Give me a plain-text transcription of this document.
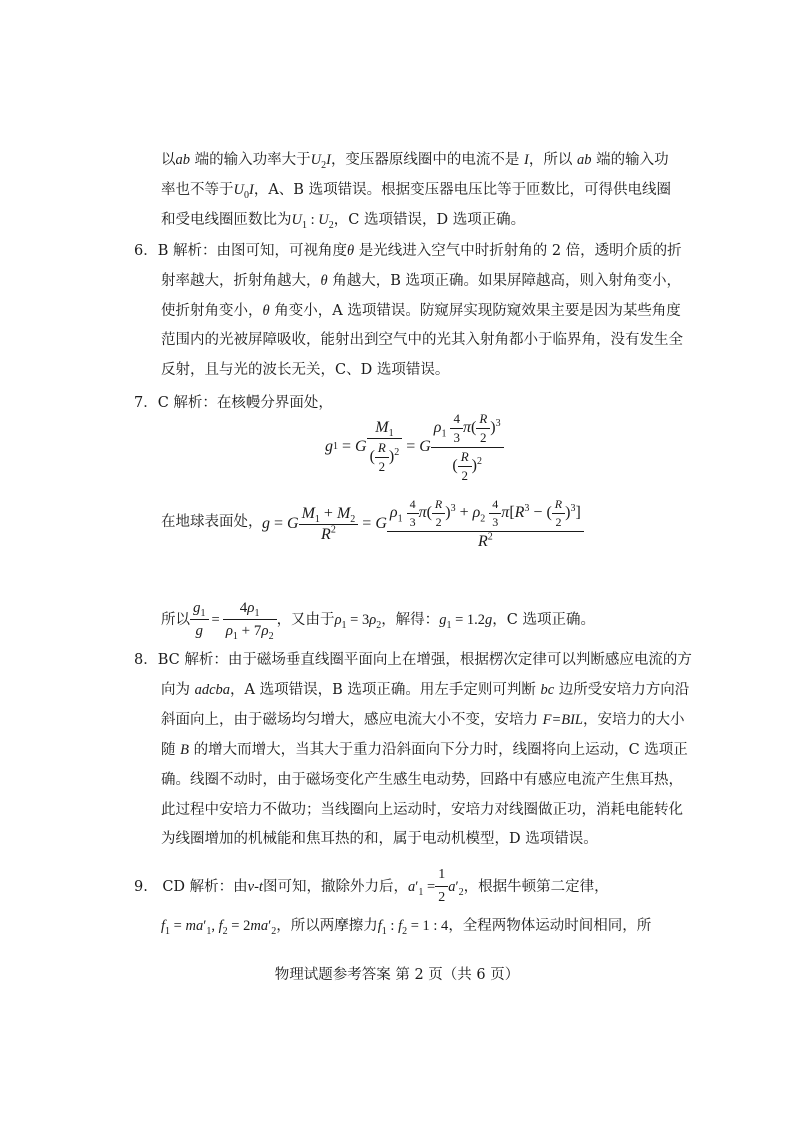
以ab 端的输入功率大于$U_2I$，变压器原线圈中的电流不是 I，所以 ab 端的输入功
率也不等于$U_0I$，A、B 选项错误。根据变压器电压比等于匝数比，可得供电线圈
和受电线圈匝数比为$U_1$ : $U_2$，C 选项错误，D 选项正确。
6．B 解析：由图可知，可视角度θ 是光线进入空气中时折射角的 2 倍，透明介质的折
射率越大，折射角越大，θ 角越大，B 选项正确。如果屏障越高，则入射角变小，
使折射角变小，θ 角变小，A 选项错误。防窥屏实现防窥效果主要是因为某些角度
范围内的光被屏障吸收，能射出到空气中的光其入射角都小于临界角，没有发生全
反射，且与光的波长无关，C、D 选项错误。
7．C 解析：在核幔分界面处，
g 1 = G $\frac{M_1}{( \frac{R}{2} )^2} = G \frac{\rho_1 \frac{4}{3} \pi( \frac{R}{2} )^3}{( \frac{R}{2} )^2}$
在地球表面处， g = G $\frac{M_1 + M_2}{R^2} = G \frac{\rho_1 \frac{4}{3} \pi( \frac{R}{2} )^3 + \rho_2 \frac{4}{3} \pi[R^3 - ( \frac{R}{2} )^3]}{R^2}$
所以 $\frac{g_1}{g} = \frac{4\rho_1}{\rho_1 + 7\rho_2}$ ，又由于 $\rho_1 = 3\rho_2$ ，解得： $g_1 = 1.2g$ ，C 选项正确。
8．BC 解析：由于磁场垂直线圈平面向上在增强，根据楞次定律可以判断感应电流的方
向为 adcba，A 选项错误，B 选项正确。用左手定则可判断 bc 边所受安培力方向沿
斜面向上，由于磁场均匀增大，感应电流大小不变，安培力 F=BIL，安培力的大小
随 B 的增大而增大，当其大于重力沿斜面向下分力时，线圈将向上运动，C 选项正
确。线圈不动时，由于磁场变化产生感生电动势，回路中有感应电流产生焦耳热，
此过程中安培力不做功；当线圈向上运动时，安培力对线圈做正功，消耗电能转化
为线圈增加的机械能和焦耳热的和，属于电动机模型，D 选项错误。
9.　CD 解析：由 v-t 图可知，撤除外力后， $a'_1 = \frac{1}{2} a'_2$ ，根据牛顿第二定律，
$f_1 = ma'_1$, $f_2 = 2ma'_2$，所以两摩擦力$f_1$ : $f_2 = 1$ : 4，全程两物体运动时间相同，所
物理试题参考答案 第 2 页（共 6 页）
